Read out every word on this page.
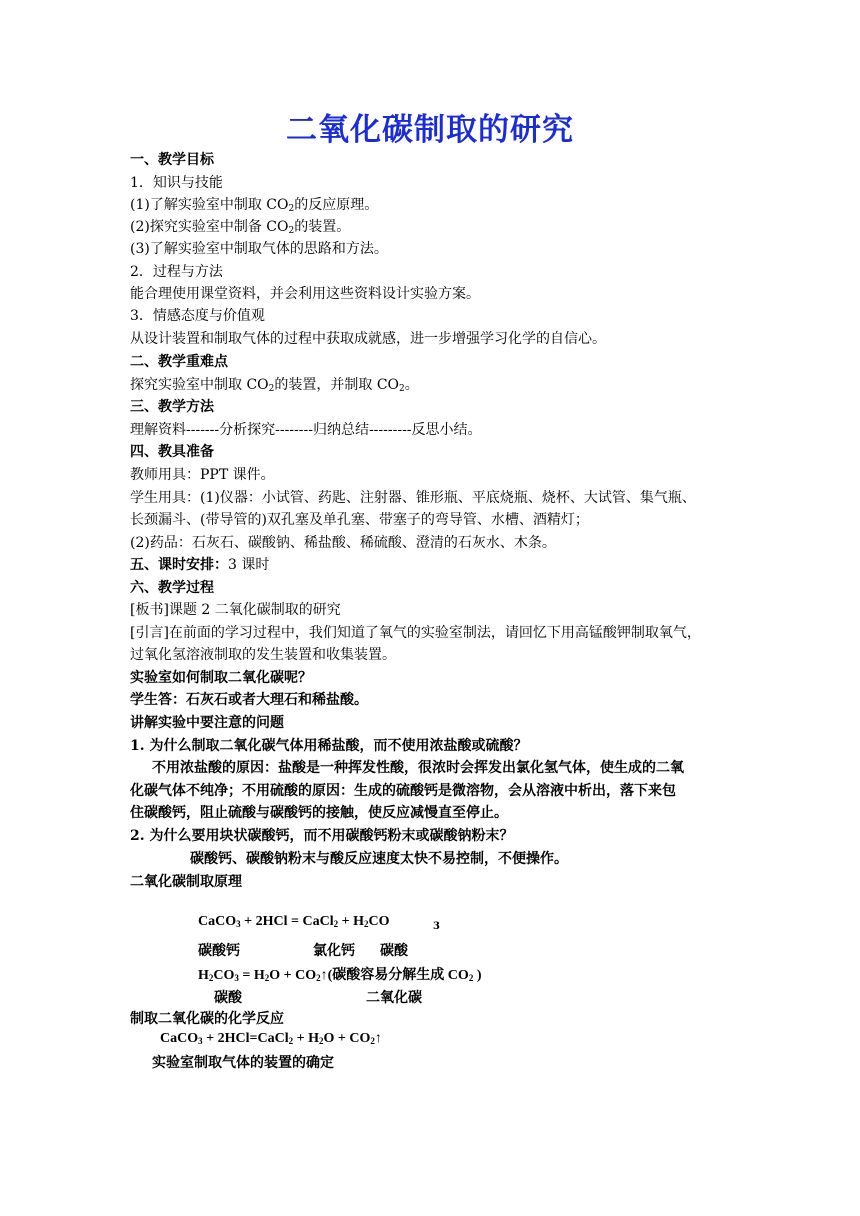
二氧化碳制取的研究
一、教学目标
1．知识与技能
(1)了解实验室中制取 $CO_2$的反应原理。
(2)探究实验室中制备 $CO_2$的装置。
(3)了解实验室中制取气体的思路和方法。
2．过程与方法
能合理使用课堂资料，并会利用这些资料设计实验方案。
3．情感态度与价值观
从设计装置和制取气体的过程中获取成就感，进一步增强学习化学的自信心。
二、教学重难点
探究实验室中制取 $CO_2$的装置，并制取 $CO_2$。
三、教学方法
理解资料-------分析探究--------归纳总结---------反思小结。
四、教具准备
教师用具：PPT 课件。
学生用具：(1)仪器：小试管、药匙、注射器、锥形瓶、平底烧瓶、烧杯、大试管、集气瓶、
长颈漏斗、(带导管的)双孔塞及单孔塞、带塞子的弯导管、水槽、酒精灯；
(2)药品：石灰石、碳酸钠、稀盐酸、稀硫酸、澄清的石灰水、木条。
五、课时安排：3 课时
六、教学过程
[板书]课题 2 二氧化碳制取的研究
[引言]在前面的学习过程中，我们知道了氧气的实验室制法，请回忆下用高锰酸钾制取氧气，
过氧化氢溶液制取的发生装置和收集装置。
实验室如何制取二氧化碳呢？
学生答：石灰石或者大理石和稀盐酸。
讲解实验中要注意的问题
1. 为什么制取二氧化碳气体用稀盐酸，而不使用浓盐酸或硫酸？
不用浓盐酸的原因：盐酸是一种挥发性酸，很浓时会挥发出氯化氢气体，使生成的二氧
化碳气体不纯净；不用硫酸的原因：生成的硫酸钙是微溶物，会从溶液中析出，落下来包
住碳酸钙，阻止硫酸与碳酸钙的接触，使反应减慢直至停止。
2. 为什么要用块状碳酸钙，而不用碳酸钙粉末或碳酸钠粉末？
碳酸钙、碳酸钠粉末与酸反应速度太快不易控制，不便操作。
二氧化碳制取原理
CaCO$_3$ + 2HCl = CaCl$_2$ + $H_2CO$	3
碳酸钙	氯化钙 碳酸
$H_2CO_3 = H_2O$ + $CO_2↑$(碳酸容易分解生成 $CO_2$ )
碳酸	二氧化碳
制取二氧化碳的化学反应
CaCO$_3$ + 2HCl=CaCl$_2$ + $H_2O$ + $CO_2↑$
实验室制取气体的装置的确定
